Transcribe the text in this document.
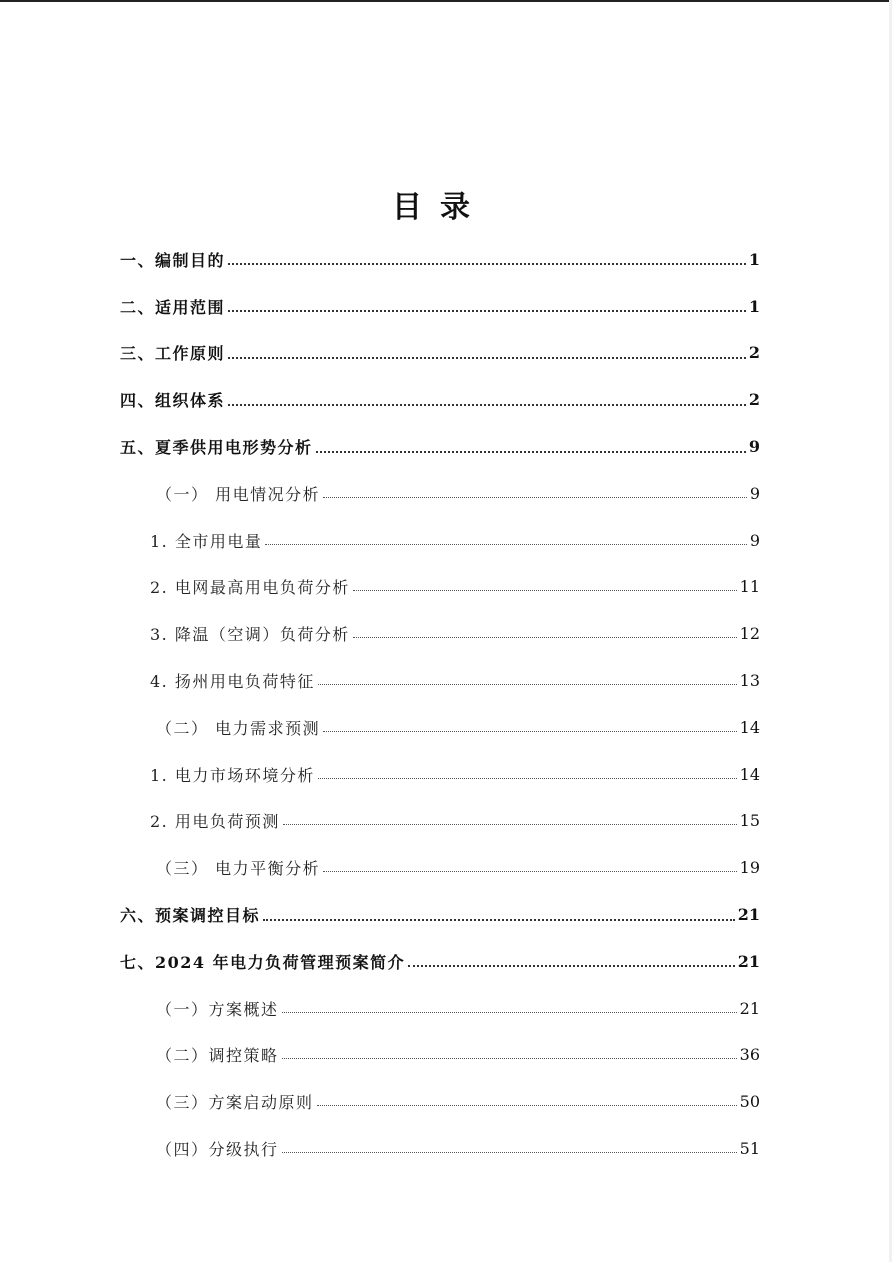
目录
一、编制目的	1
二、适用范围	1
三、工作原则	2
四、组织体系	2
五、夏季供用电形势分析	9
（一） 用电情况分析	9
1. 全市用电量	9
2. 电网最高用电负荷分析	11
3. 降温（空调）负荷分析	12
4. 扬州用电负荷特征	13
（二） 电力需求预测	14
1. 电力市场环境分析	14
2. 用电负荷预测	15
（三） 电力平衡分析	19
六、预案调控目标	21
七、2024 年电力负荷管理预案简介	21
（一）方案概述	21
（二）调控策略	36
（三）方案启动原则	50
（四）分级执行	51
